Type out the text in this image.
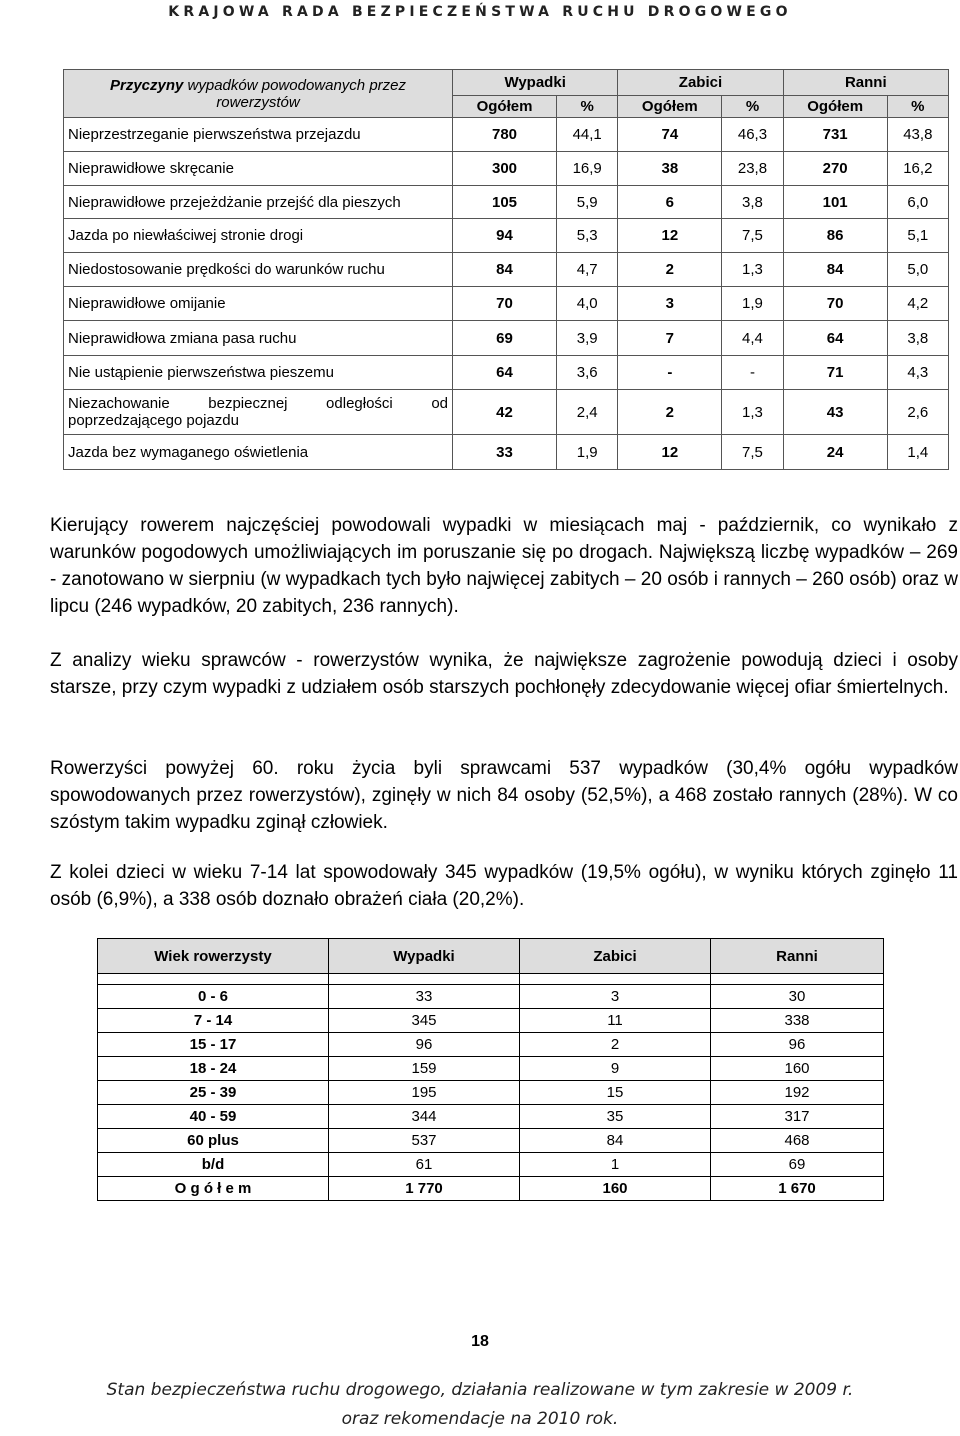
KRAJOWA RADA BEZPIECZEŃSTWA RUCHU DROGOWEGO
Przyczyny wypadków powodowanych przez rowerzystów	Wypadki		Zabici		Ranni	
	Ogółem	%	Ogółem	%	Ogółem	%
Nieprzestrzeganie pierwszeństwa przejazdu	780	44,1	74	46,3	731	43,8
Nieprawidłowe skręcanie	300	16,9	38	23,8	270	16,2
Nieprawidłowe przejeżdżanie przejść dla pieszych	105	5,9	6	3,8	101	6,0
Jazda po niewłaściwej stronie drogi	94	5,3	12	7,5	86	5,1
Niedostosowanie prędkości do warunków ruchu	84	4,7	2	1,3	84	5,0
Nieprawidłowe omijanie	70	4,0	3	1,9	70	4,2
Nieprawidłowa zmiana pasa ruchu	69	3,9	7	4,4	64	3,8
Nie ustąpienie pierwszeństwa pieszemu	64	3,6	-	-	71	4,3
Niezachowanie bezpiecznej odległości od poprzedzającego pojazdu	42	2,4	2	1,3	43	2,6
Jazda bez wymaganego oświetlenia	33	1,9	12	7,5	24	1,4

Kierujący rowerem najczęściej powodowali wypadki w miesiącach maj - październik, co wynikało z warunków pogodowych umożliwiających im poruszanie się po drogach. Największą liczbę wypadków – 269 - zanotowano w sierpniu (w wypadkach tych było najwięcej zabitych – 20 osób i rannych – 260 osób) oraz w lipcu (246 wypadków, 20 zabitych, 236 rannych).

Z analizy wieku sprawców - rowerzystów wynika, że największe zagrożenie powodują dzieci i osoby starsze, przy czym wypadki z udziałem osób starszych pochłonęły zdecydowanie więcej ofiar śmiertelnych.

Rowerzyści powyżej 60. roku życia byli sprawcami 537 wypadków (30,4% ogółu wypadków spowodowanych przez rowerzystów), zginęły w nich 84 osoby (52,5%), a 468 zostało rannych (28%). W co szóstym takim wypadku zginął człowiek.

Z kolei dzieci w wieku 7-14 lat spowodowały 345 wypadków (19,5% ogółu), w wyniku których zginęło 11 osób (6,9%), a 338 osób doznało obrażeń ciała (20,2%).

Wiek rowerzysty	Wypadki	Zabici	Ranni

0 - 6	33	3	30
7 - 14	345	11	338
15 - 17	96	2	96
18 - 24	159	9	160
25 - 39	195	15	192
40 - 59	344	35	317
60 plus	537	84	468
b/d	61	1	69
O g ó ł e m	1 770	160	1 670
18
Stan bezpieczeństwa ruchu drogowego, działania realizowane w tym zakresie w 2009 r.
oraz rekomendacje na 2010 rok.
